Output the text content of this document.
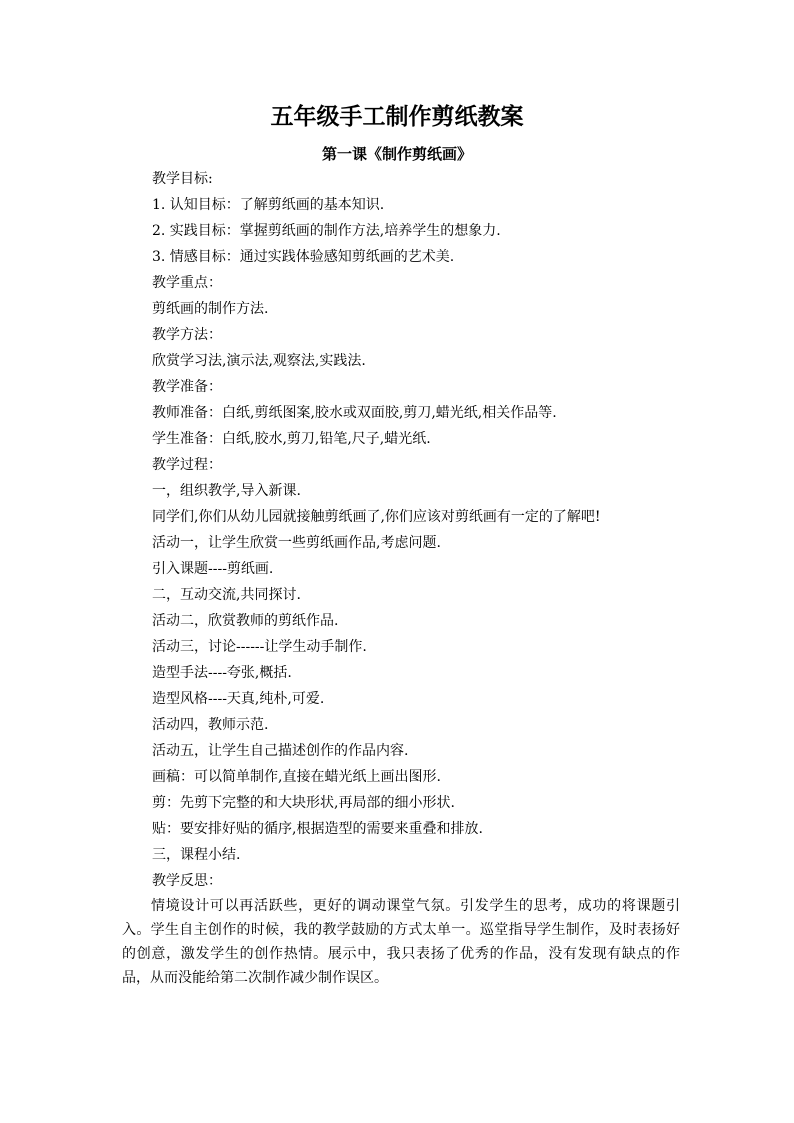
五年级手工制作剪纸教案
第一课《制作剪纸画》
教学目标:
1. 认知目标：了解剪纸画的基本知识.
2. 实践目标：掌握剪纸画的制作方法,培养学生的想象力.
3. 情感目标：通过实践体验感知剪纸画的艺术美.
教学重点：
剪纸画的制作方法.
教学方法：
欣赏学习法,演示法,观察法,实践法.
教学准备：
教师准备：白纸,剪纸图案,胶水或双面胶,剪刀,蜡光纸,相关作品等.
学生准备：白纸,胶水,剪刀,铅笔,尺子,蜡光纸.
教学过程：
一，组织教学,导入新课.
同学们,你们从幼儿园就接触剪纸画了,你们应该对剪纸画有一定的了解吧!
活动一，让学生欣赏一些剪纸画作品,考虑问题.
引入课题----剪纸画.
二，互动交流,共同探讨.
活动二，欣赏教师的剪纸作品.
活动三，讨论------让学生动手制作.
造型手法----夸张,概括.
造型风格----天真,纯朴,可爱.
活动四，教师示范.
活动五，让学生自己描述创作的作品内容.
画稿：可以简单制作,直接在蜡光纸上画出图形.
剪：先剪下完整的和大块形状,再局部的细小形状.
贴：要安排好贴的循序,根据造型的需要来重叠和排放.
三，课程小结.
教学反思：
情境设计可以再活跃些，更好的调动课堂气氛。引发学生的思考，成功的将课题引入。学生自主创作的时候，我的教学鼓励的方式太单一。巡堂指导学生制作，及时表扬好的创意，激发学生的创作热情。展示中，我只表扬了优秀的作品，没有发现有缺点的作品，从而没能给第二次制作减少制作误区。
